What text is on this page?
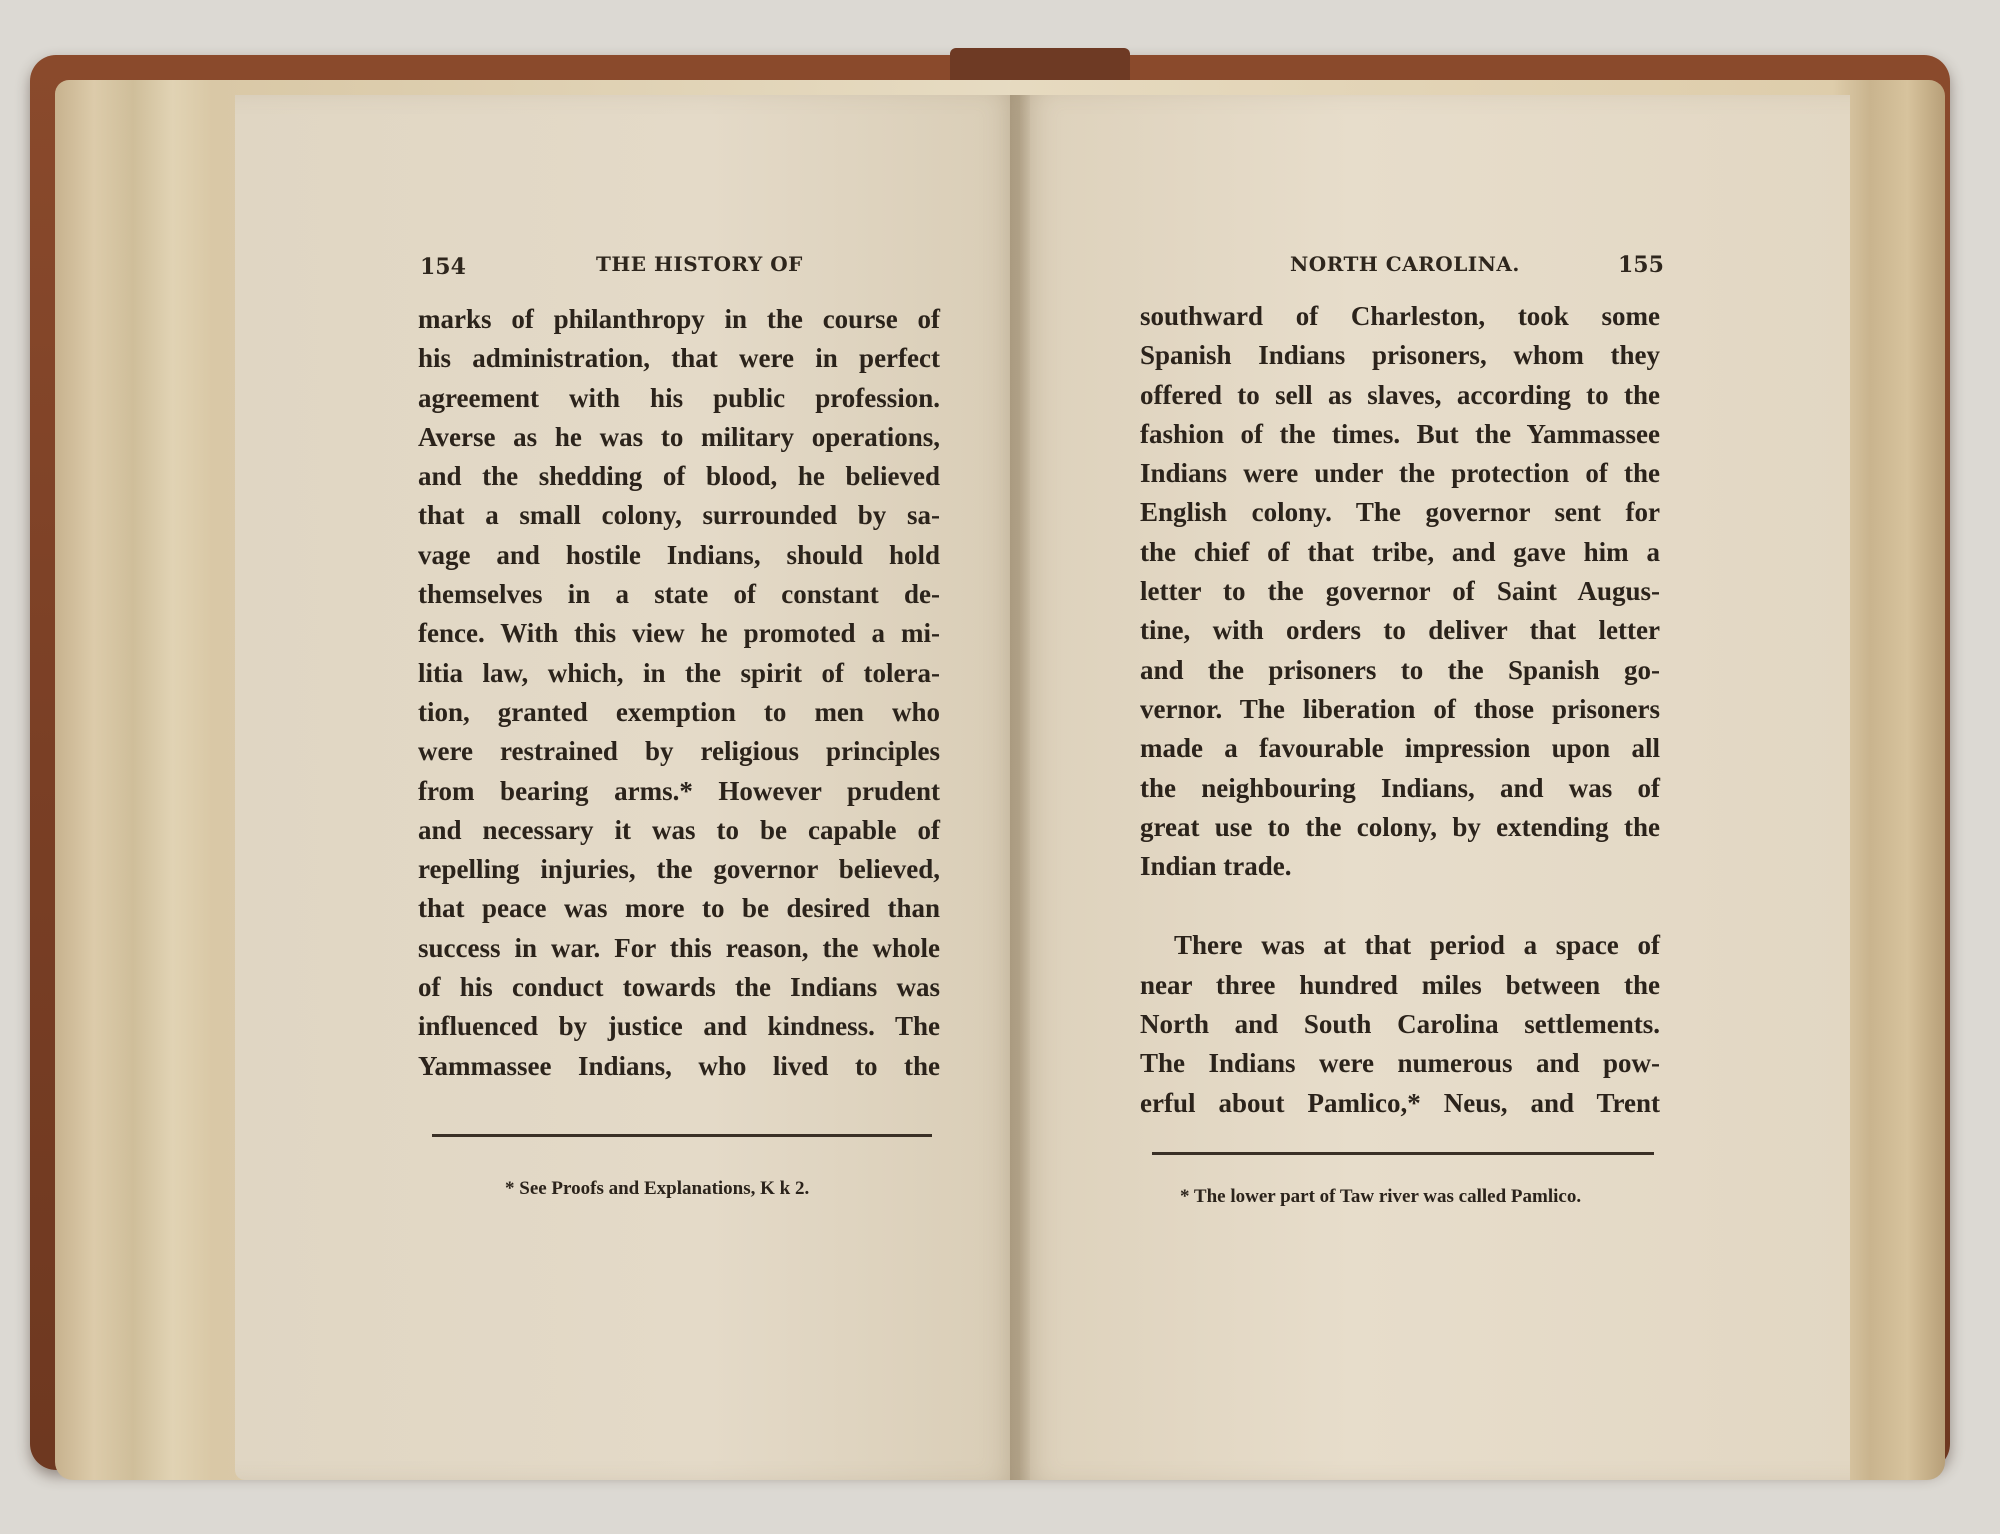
154	THE HISTORY OF
marks of philanthropy in the course of
his administration, that were in perfect
agreement with his public profession.
Averse as he was to military operations,
and the shedding of blood, he believed
that a small colony, surrounded by sa-
vage and hostile Indians, should hold
themselves in a state of constant de-
fence. With this view he promoted a mi-
litia law, which, in the spirit of tolera-
tion, granted exemption to men who
were restrained by religious principles
from bearing arms.* However prudent
and necessary it was to be capable of
repelling injuries, the governor believed,
that peace was more to be desired than
success in war. For this reason, the whole
of his conduct towards the Indians was
influenced by justice and kindness. The
Yammassee Indians, who lived to the
* See Proofs and Explanations, K k 2.
NORTH CAROLINA.	155
southward of Charleston, took some
Spanish Indians prisoners, whom they
offered to sell as slaves, according to the
fashion of the times. But the Yammassee
Indians were under the protection of the
English colony. The governor sent for
the chief of that tribe, and gave him a
letter to the governor of Saint Augus-
tine, with orders to deliver that letter
and the prisoners to the Spanish go-
vernor. The liberation of those prisoners
made a favourable impression upon all
the neighbouring Indians, and was of
great use to the colony, by extending the
Indian trade.
There was at that period a space of
near three hundred miles between the
North and South Carolina settlements.
The Indians were numerous and pow-
erful about Pamlico,* Neus, and Trent
* The lower part of Taw river was called Pamlico.
